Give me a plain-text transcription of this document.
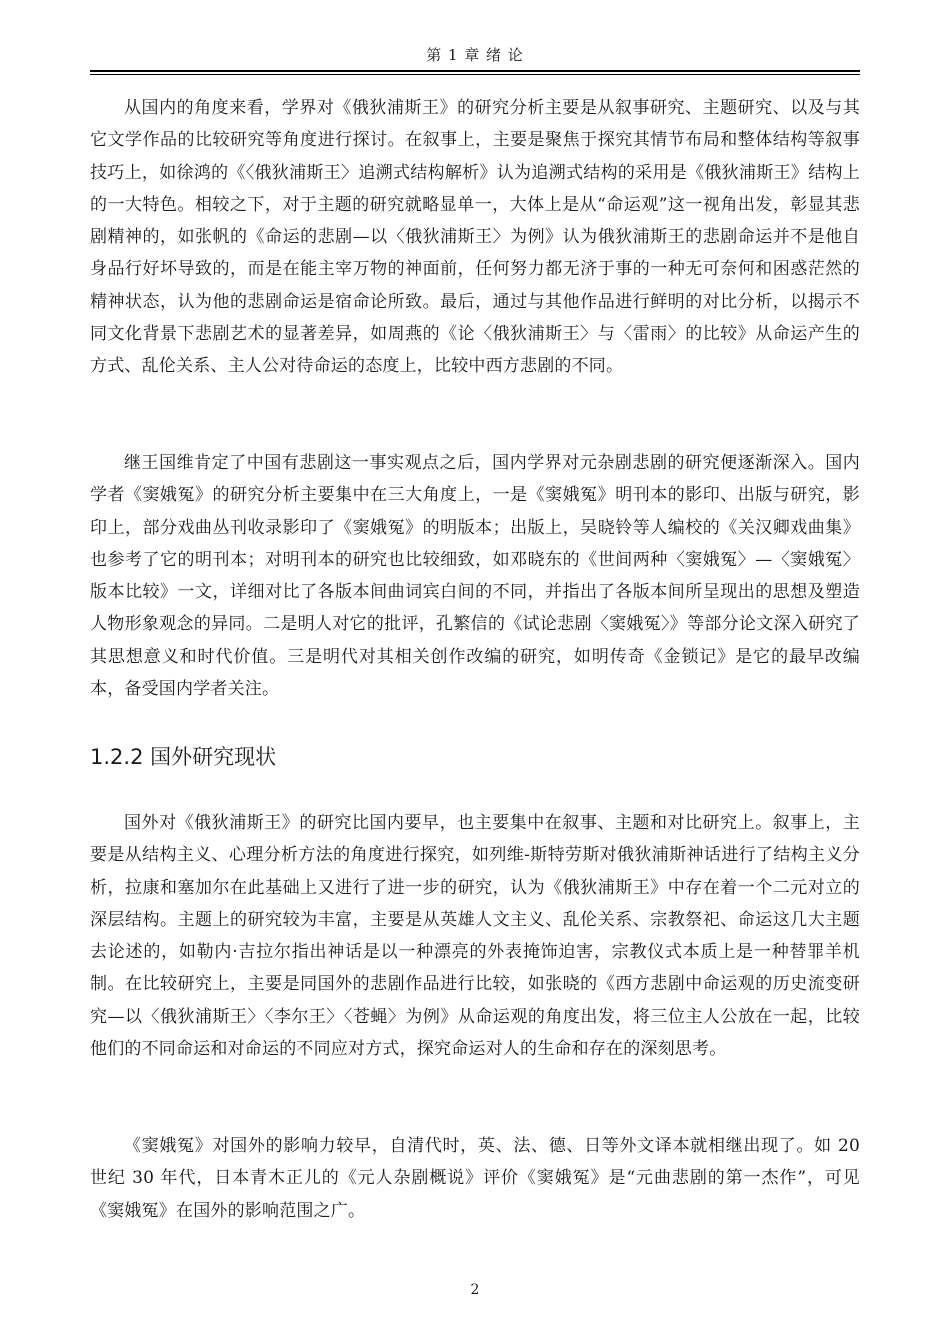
第 1 章 绪 论

从国内的角度来看，学界对《俄狄浦斯王》的研究分析主要是从叙事研究、主题研究、以及与其它文学作品的比较研究等角度进行探讨。在叙事上，主要是聚焦于探究其情节布局和整体结构等叙事技巧上，如徐鸿的《〈俄狄浦斯王〉追溯式结构解析》认为追溯式结构的采用是《俄狄浦斯王》结构上的一大特色。相较之下，对于主题的研究就略显单一，大体上是从“命运观”这一视角出发，彰显其悲剧精神的，如张帆的《命运的悲剧—以〈俄狄浦斯王〉为例》认为俄狄浦斯王的悲剧命运并不是他自身品行好坏导致的，而是在能主宰万物的神面前，任何努力都无济于事的一种无可奈何和困惑茫然的精神状态，认为他的悲剧命运是宿命论所致。最后，通过与其他作品进行鲜明的对比分析，以揭示不同文化背景下悲剧艺术的显著差异，如周燕的《论〈俄狄浦斯王〉与〈雷雨〉的比较》从命运产生的方式、乱伦关系、主人公对待命运的态度上，比较中西方悲剧的不同。

继王国维肯定了中国有悲剧这一事实观点之后，国内学界对元杂剧悲剧的研究便逐渐深入。国内学者《窦娥冤》的研究分析主要集中在三大角度上，一是《窦娥冤》明刊本的影印、出版与研究，影印上，部分戏曲丛刊收录影印了《窦娥冤》的明版本；出版上，吴晓铃等人编校的《关汉卿戏曲集》也参考了它的明刊本；对明刊本的研究也比较细致，如邓晓东的《世间两种〈窦娥冤〉—〈窦娥冤〉版本比较》一文，详细对比了各版本间曲词宾白间的不同，并指出了各版本间所呈现出的思想及塑造人物形象观念的异同。二是明人对它的批评，孔繁信的《试论悲剧〈窦娥冤〉》等部分论文深入研究了其思想意义和时代价值。三是明代对其相关创作改编的研究，如明传奇《金锁记》是它的最早改编本，备受国内学者关注。

1.2.2 国外研究现状

国外对《俄狄浦斯王》的研究比国内要早，也主要集中在叙事、主题和对比研究上。叙事上，主要是从结构主义、心理分析方法的角度进行探究，如列维-斯特劳斯对俄狄浦斯神话进行了结构主义分析，拉康和塞加尔在此基础上又进行了进一步的研究，认为《俄狄浦斯王》中存在着一个二元对立的深层结构。主题上的研究较为丰富，主要是从英雄人文主义、乱伦关系、宗教祭祀、命运这几大主题去论述的，如勒内·吉拉尔指出神话是以一种漂亮的外表掩饰迫害，宗教仪式本质上是一种替罪羊机制。在比较研究上，主要是同国外的悲剧作品进行比较，如张晓的《西方悲剧中命运观的历史流变研究—以〈俄狄浦斯王〉〈李尔王〉〈苍蝇〉为例》从命运观的角度出发，将三位主人公放在一起，比较他们的不同命运和对命运的不同应对方式，探究命运对人的生命和存在的深刻思考。

《窦娥冤》对国外的影响力较早，自清代时，英、法、德、日等外文译本就相继出现了。如 20 世纪 30 年代，日本青木正儿的《元人杂剧概说》评价《窦娥冤》是“元曲悲剧的第一杰作”，可见《窦娥冤》在国外的影响范围之广。

2
